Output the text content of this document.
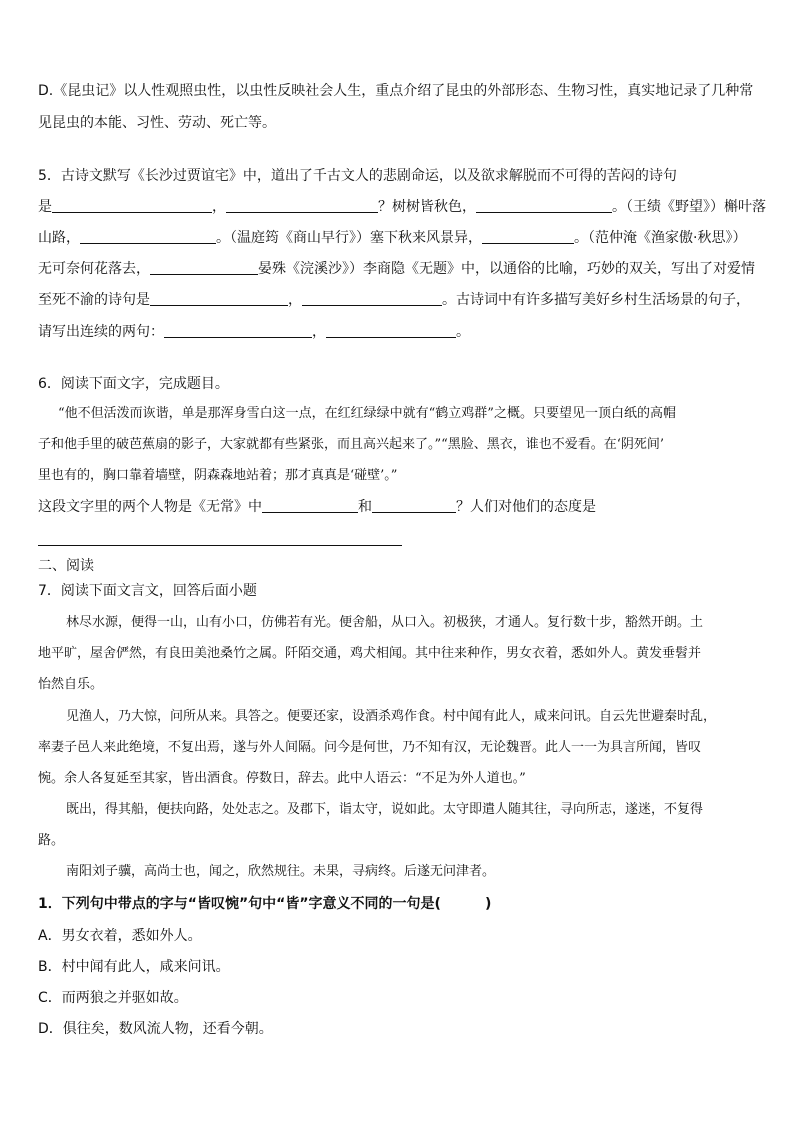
D.《昆虫记》以人性观照虫性，以虫性反映社会人生，重点介绍了昆虫的外部形态、生物习性，真实地记录了几种常
见昆虫的本能、习性、劳动、死亡等。
5．古诗文默写《长沙过贾谊宅》中，道出了千古文人的悲剧命运，以及欲求解脱而不可得的苦闷的诗句
是	，	？树树皆秋色，	。（王绩《野望》）槲叶落
山路，	。（温庭筠《商山早行》）塞下秋来风景异，	。（范仲淹《渔家傲·秋思》）
无可奈何花落去，	晏殊《浣溪沙》）李商隐《无题》中，以通俗的比喻，巧妙的双关，写出了对爱情
至死不渝的诗句是	，	。古诗词中有许多描写美好乡村生活场景的句子，
请写出连续的两句：	，	。
6．阅读下面文字，完成题目。
“他不但活泼而诙谐，单是那浑身雪白这一点，在红红绿绿中就有“鹤立鸡群”之概。只要望见一顶白纸的高帽
子和他手里的破芭蕉扇的影子，大家就都有些紧张，而且高兴起来了。”“黑脸、黑衣，谁也不爱看。在‘阴死间’
里也有的，胸口靠着墙壁，阴森森地站着；那才真真是‘碰壁’。”
这段文字里的两个人物是《无常》中	和	？人们对他们的态度是
二、阅读
7．阅读下面文言文，回答后面小题
林尽水源，便得一山，山有小口，仿佛若有光。便舍船，从口入。初极狭，才通人。复行数十步，豁然开朗。土
地平旷，屋舍俨然，有良田美池桑竹之属。阡陌交通，鸡犬相闻。其中往来种作，男女衣着，悉如外人。黄发垂髫并
怡然自乐。
见渔人，乃大惊，问所从来。具答之。便要还家，设酒杀鸡作食。村中闻有此人，咸来问讯。自云先世避秦时乱，
率妻子邑人来此绝境，不复出焉，遂与外人间隔。问今是何世，乃不知有汉，无论魏晋。此人一一为具言所闻，皆叹
惋。余人各复延至其家，皆出酒食。停数日，辞去。此中人语云：“不足为外人道也。”
既出，得其船，便扶向路，处处志之。及郡下，诣太守，说如此。太守即遣人随其往，寻向所志，遂迷，不复得
路。
南阳刘子骥，高尚士也，闻之，欣然规往。未果，寻病终。后遂无问津者。
1．下列句中带点的字与“皆叹惋”句中“皆”字意义不同的一句是(	)
A．男女衣着，悉如外人。
B．村中闻有此人，咸来问讯。
C．而两狼之并驱如故。
D．俱往矣，数风流人物，还看今朝。
